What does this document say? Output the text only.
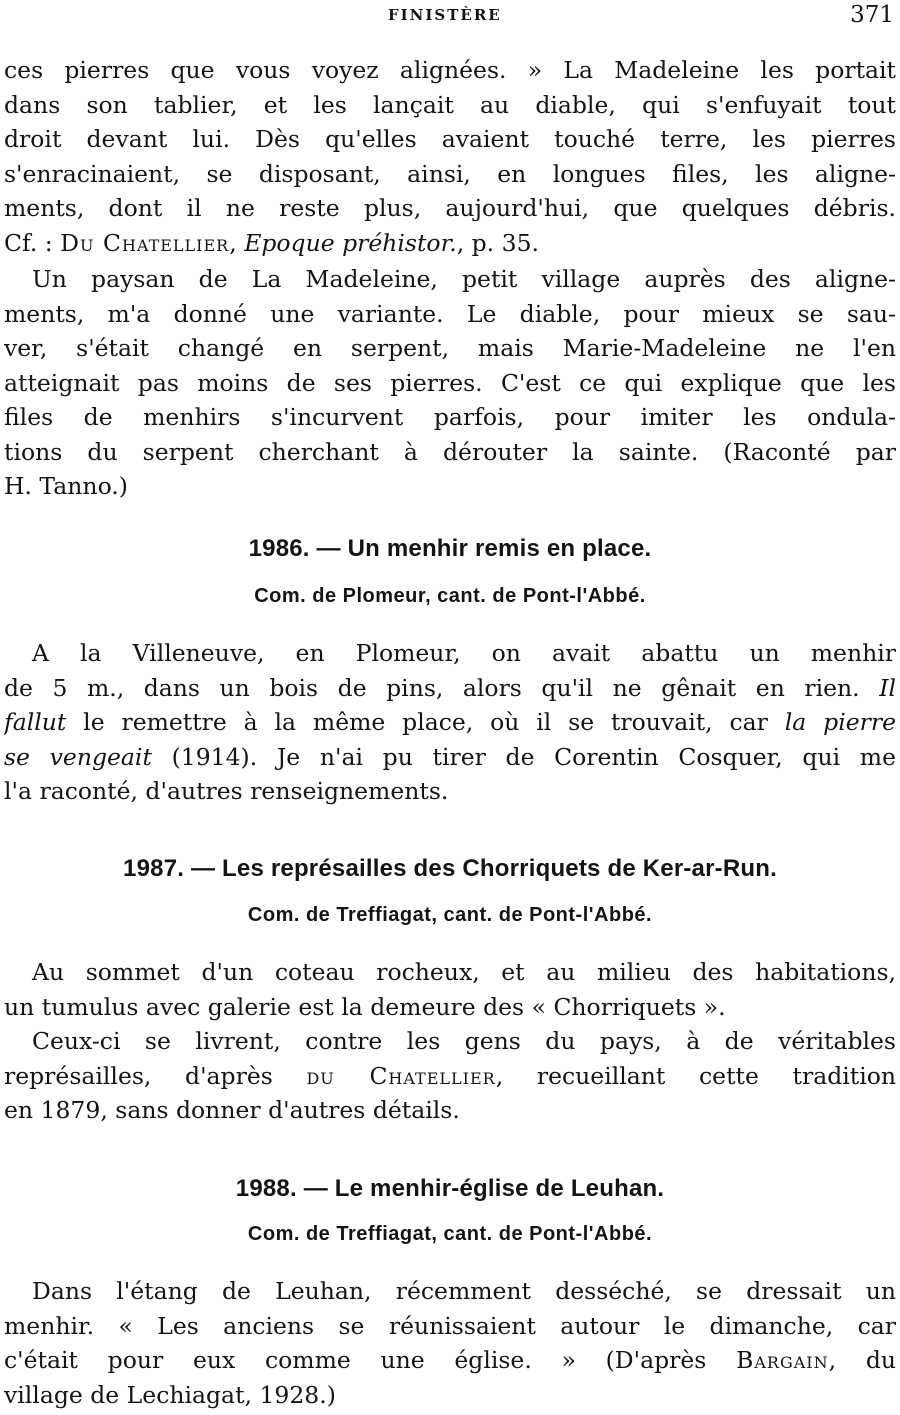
FINISTÈRE	371
ces pierres que vous voyez alignées. » La Madeleine les portait
dans son tablier, et les lançait au diable, qui s'enfuyait tout
droit devant lui. Dès qu'elles avaient touché terre, les pierres
s'enracinaient, se disposant, ainsi, en longues files, les aligne-
ments, dont il ne reste plus, aujourd'hui, que quelques débris.
Cf. : Du Chatellier, Epoque préhistor., p. 35.
Un paysan de La Madeleine, petit village auprès des aligne-
ments, m'a donné une variante. Le diable, pour mieux se sau-
ver, s'était changé en serpent, mais Marie-Madeleine ne l'en
atteignait pas moins de ses pierres. C'est ce qui explique que les
files de menhirs s'incurvent parfois, pour imiter les ondula-
tions du serpent cherchant à dérouter la sainte. (Raconté par
H. Tanno.)
1986. — Un menhir remis en place.
Com. de Plomeur, cant. de Pont-l'Abbé.
A la Villeneuve, en Plomeur, on avait abattu un menhir
de 5 m., dans un bois de pins, alors qu'il ne gênait en rien. Il
fallut le remettre à la même place, où il se trouvait, car la pierre
se vengeait (1914). Je n'ai pu tirer de Corentin Cosquer, qui me
l'a raconté, d'autres renseignements.
1987. — Les représailles des Chorriquets de Ker-ar-Run.
Com. de Treffiagat, cant. de Pont-l'Abbé.
Au sommet d'un coteau rocheux, et au milieu des habitations,
un tumulus avec galerie est la demeure des « Chorriquets ».
Ceux-ci se livrent, contre les gens du pays, à de véritables
représailles, d'après du Chatellier, recueillant cette tradition
en 1879, sans donner d'autres détails.
1988. — Le menhir-église de Leuhan.
Com. de Treffiagat, cant. de Pont-l'Abbé.
Dans l'étang de Leuhan, récemment desséché, se dressait un
menhir. « Les anciens se réunissaient autour le dimanche, car
c'était pour eux comme une église. » (D'après Bargain, du
village de Lechiagat, 1928.)
